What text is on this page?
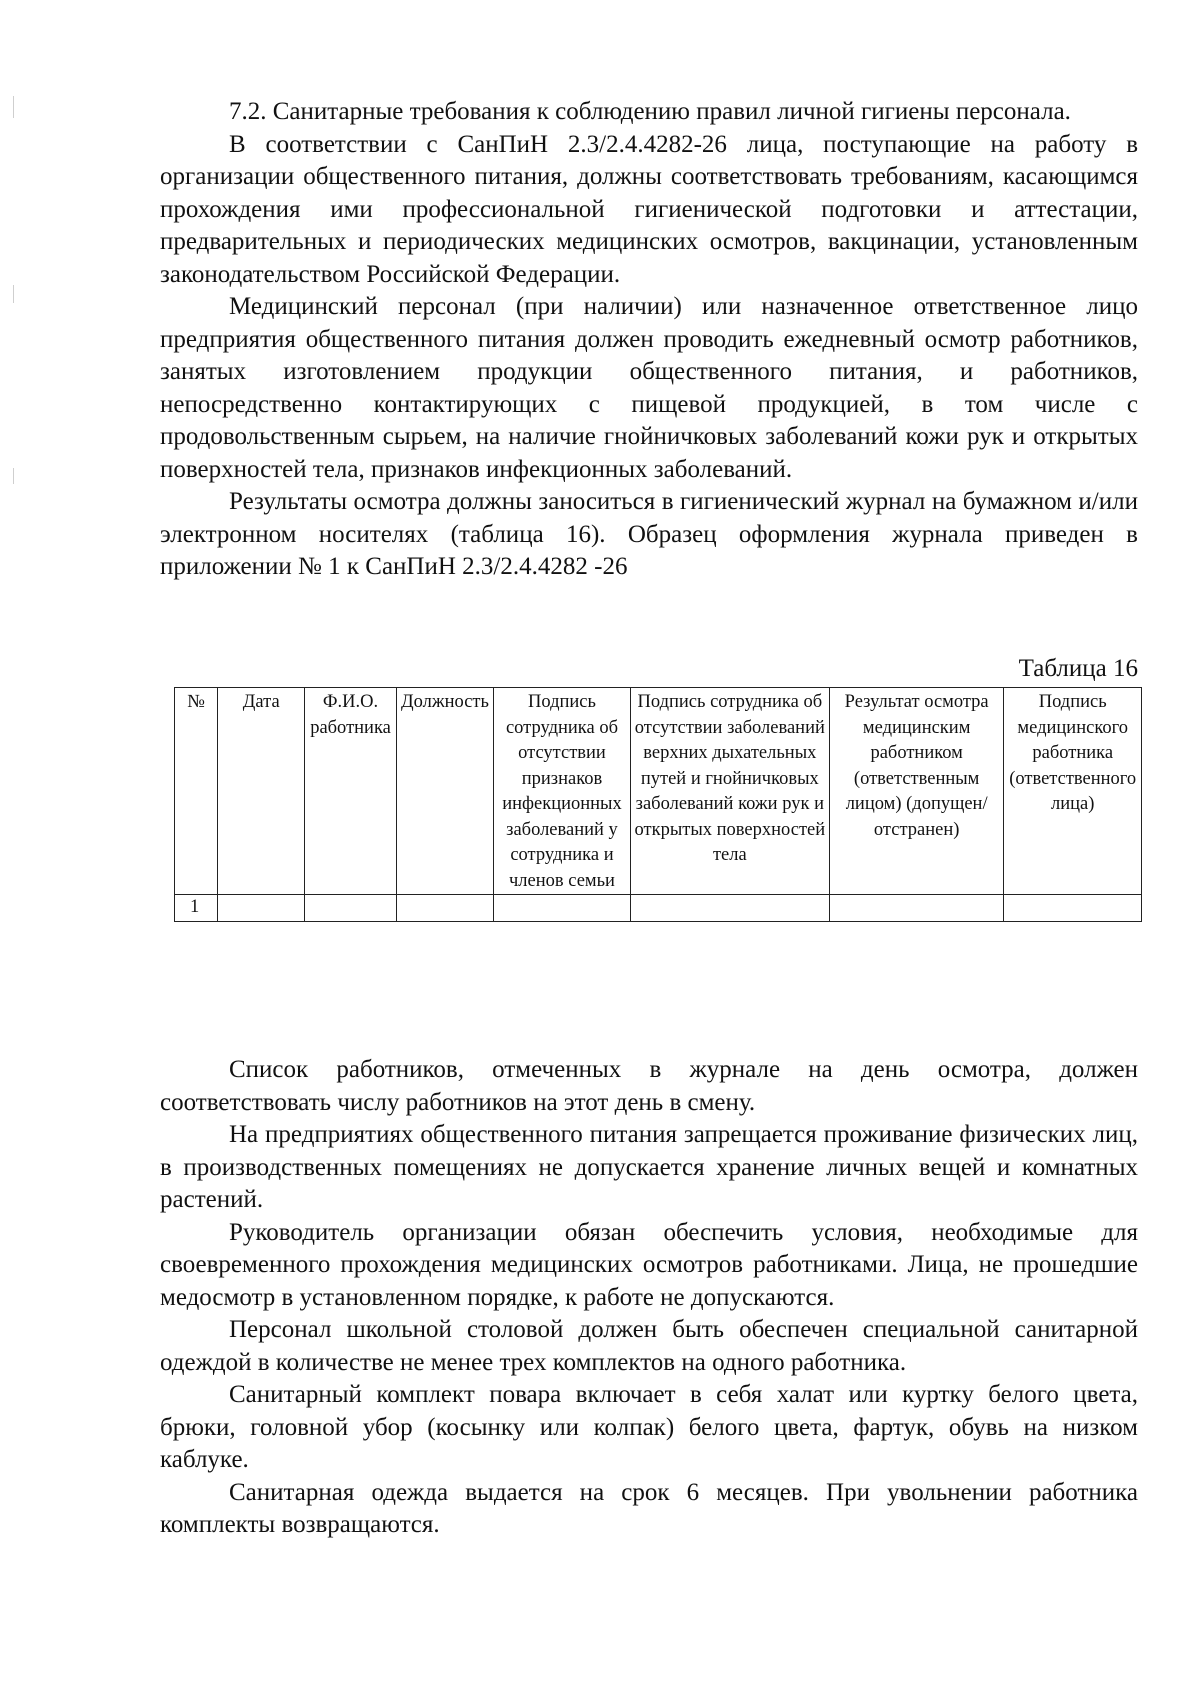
7.2. Санитарные требования к соблюдению правил личной гигиены персонала.

В соответствии с СанПиН 2.3/2.4.4282-26 лица, поступающие на работу в организации общественного питания, должны соответствовать требованиям, касающимся прохождения ими профессиональной гигиенической подготовки и аттестации, предварительных и периодических медицинских осмотров, вакцинации, установленным законодательством Российской Федерации.

Медицинский персонал (при наличии) или назначенное ответственное лицо предприятия общественного питания должен проводить ежедневный осмотр работников, занятых изготовлением продукции общественного питания, и работников, непосредственно контактирующих с пищевой продукцией, в том числе с продовольственным сырьем, на наличие гнойничковых заболеваний кожи рук и открытых поверхностей тела, признаков инфекционных заболеваний.

Результаты осмотра должны заноситься в гигиенический журнал на бумажном и/или электронном носителях (таблица 16). Образец оформления журнала приведен в приложении № 1 к СанПиН 2.3/2.4.4282 -26

Таблица 16
№	Дата	Ф.И.О. работника	Должность	Подпись сотрудника об отсутствии признаков инфекционных заболеваний у сотрудника и членов семьи	Подпись сотрудника об отсутствии заболеваний верхних дыхательных путей и гнойничковых заболеваний кожи рук и открытых поверхностей тела	Результат осмотра медицинским работником (ответственным лицом) (допущен/отстранен)	Подпись медицинского работника (ответственного лица)
1							

Список работников, отмеченных в журнале на день осмотра, должен соответствовать числу работников на этот день в смену.

На предприятиях общественного питания запрещается проживание физических лиц, в производственных помещениях не допускается хранение личных вещей и комнатных растений.

Руководитель организации обязан обеспечить условия, необходимые для своевременного прохождения медицинских осмотров работниками. Лица, не прошедшие медосмотр в установленном порядке, к работе не допускаются.

Персонал школьной столовой должен быть обеспечен специальной санитарной одеждой в количестве не менее трех комплектов на одного работника.

Санитарный комплект повара включает в себя халат или куртку белого цвета, брюки, головной убор (косынку или колпак) белого цвета, фартук, обувь на низком каблуке.

Санитарная одежда выдается на срок 6 месяцев. При увольнении работника комплекты возвращаются.
